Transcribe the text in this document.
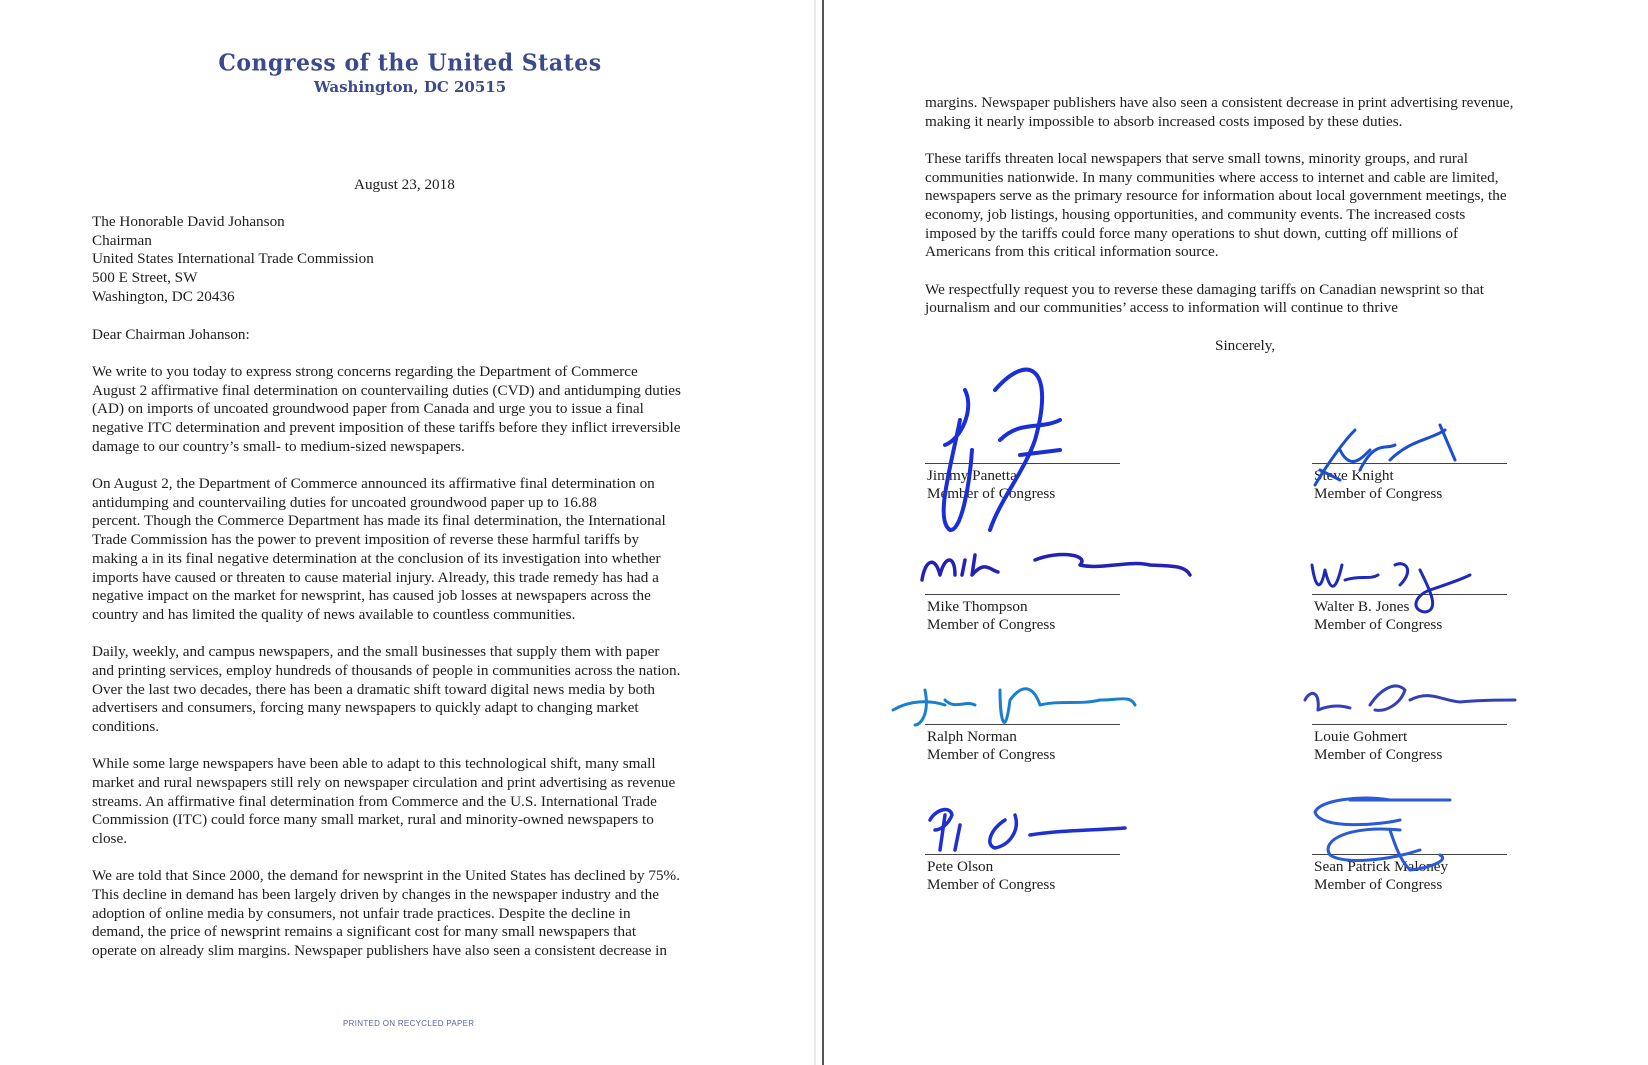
Congress of the United States
Washington, DC 20515
August 23, 2018
The Honorable David Johanson
Chairman
United States International Trade Commission
500 E Street, SW
Washington, DC 20436
Dear Chairman Johanson:
We write to you today to express strong concerns regarding the Department of Commerce
August 2 affirmative final determination on countervailing duties (CVD) and antidumping duties
(AD) on imports of uncoated groundwood paper from Canada and urge you to issue a final
negative ITC determination and prevent imposition of these tariffs before they inflict irreversible
damage to our country’s small- to medium-sized newspapers.
On August 2, the Department of Commerce announced its affirmative final determination on
antidumping and countervailing duties for uncoated groundwood paper up to 16.88
percent. Though the Commerce Department has made its final determination, the International
Trade Commission has the power to prevent imposition of reverse these harmful tariffs by
making a in its final negative determination at the conclusion of its investigation into whether
imports have caused or threaten to cause material injury. Already, this trade remedy has had a
negative impact on the market for newsprint, has caused job losses at newspapers across the
country and has limited the quality of news available to countless communities.
Daily, weekly, and campus newspapers, and the small businesses that supply them with paper
and printing services, employ hundreds of thousands of people in communities across the nation.
Over the last two decades, there has been a dramatic shift toward digital news media by both
advertisers and consumers, forcing many newspapers to quickly adapt to changing market
conditions.
While some large newspapers have been able to adapt to this technological shift, many small
market and rural newspapers still rely on newspaper circulation and print advertising as revenue
streams. An affirmative final determination from Commerce and the U.S. International Trade
Commission (ITC) could force many small market, rural and minority-owned newspapers to
close.
We are told that Since 2000, the demand for newsprint in the United States has declined by 75%.
This decline in demand has been largely driven by changes in the newspaper industry and the
adoption of online media by consumers, not unfair trade practices. Despite the decline in
demand, the price of newsprint remains a significant cost for many small newspapers that
operate on already slim margins. Newspaper publishers have also seen a consistent decrease in
PRINTED ON RECYCLED PAPER
margins. Newspaper publishers have also seen a consistent decrease in print advertising revenue,
making it nearly impossible to absorb increased costs imposed by these duties.
These tariffs threaten local newspapers that serve small towns, minority groups, and rural
communities nationwide. In many communities where access to internet and cable are limited,
newspapers serve as the primary resource for information about local government meetings, the
economy, job listings, housing opportunities, and community events. The increased costs
imposed by the tariffs could force many operations to shut down, cutting off millions of
Americans from this critical information source.
We respectfully request you to reverse these damaging tariffs on Canadian newsprint so that
journalism and our communities’ access to information will continue to thrive
Sincerely,
Jimmy Panetta
Member of Congress
Steve Knight
Member of Congress
Mike Thompson
Member of Congress
Walter B. Jones
Member of Congress
Ralph Norman
Member of Congress
Louie Gohmert
Member of Congress
Pete Olson
Member of Congress
Sean Patrick Maloney
Member of Congress
